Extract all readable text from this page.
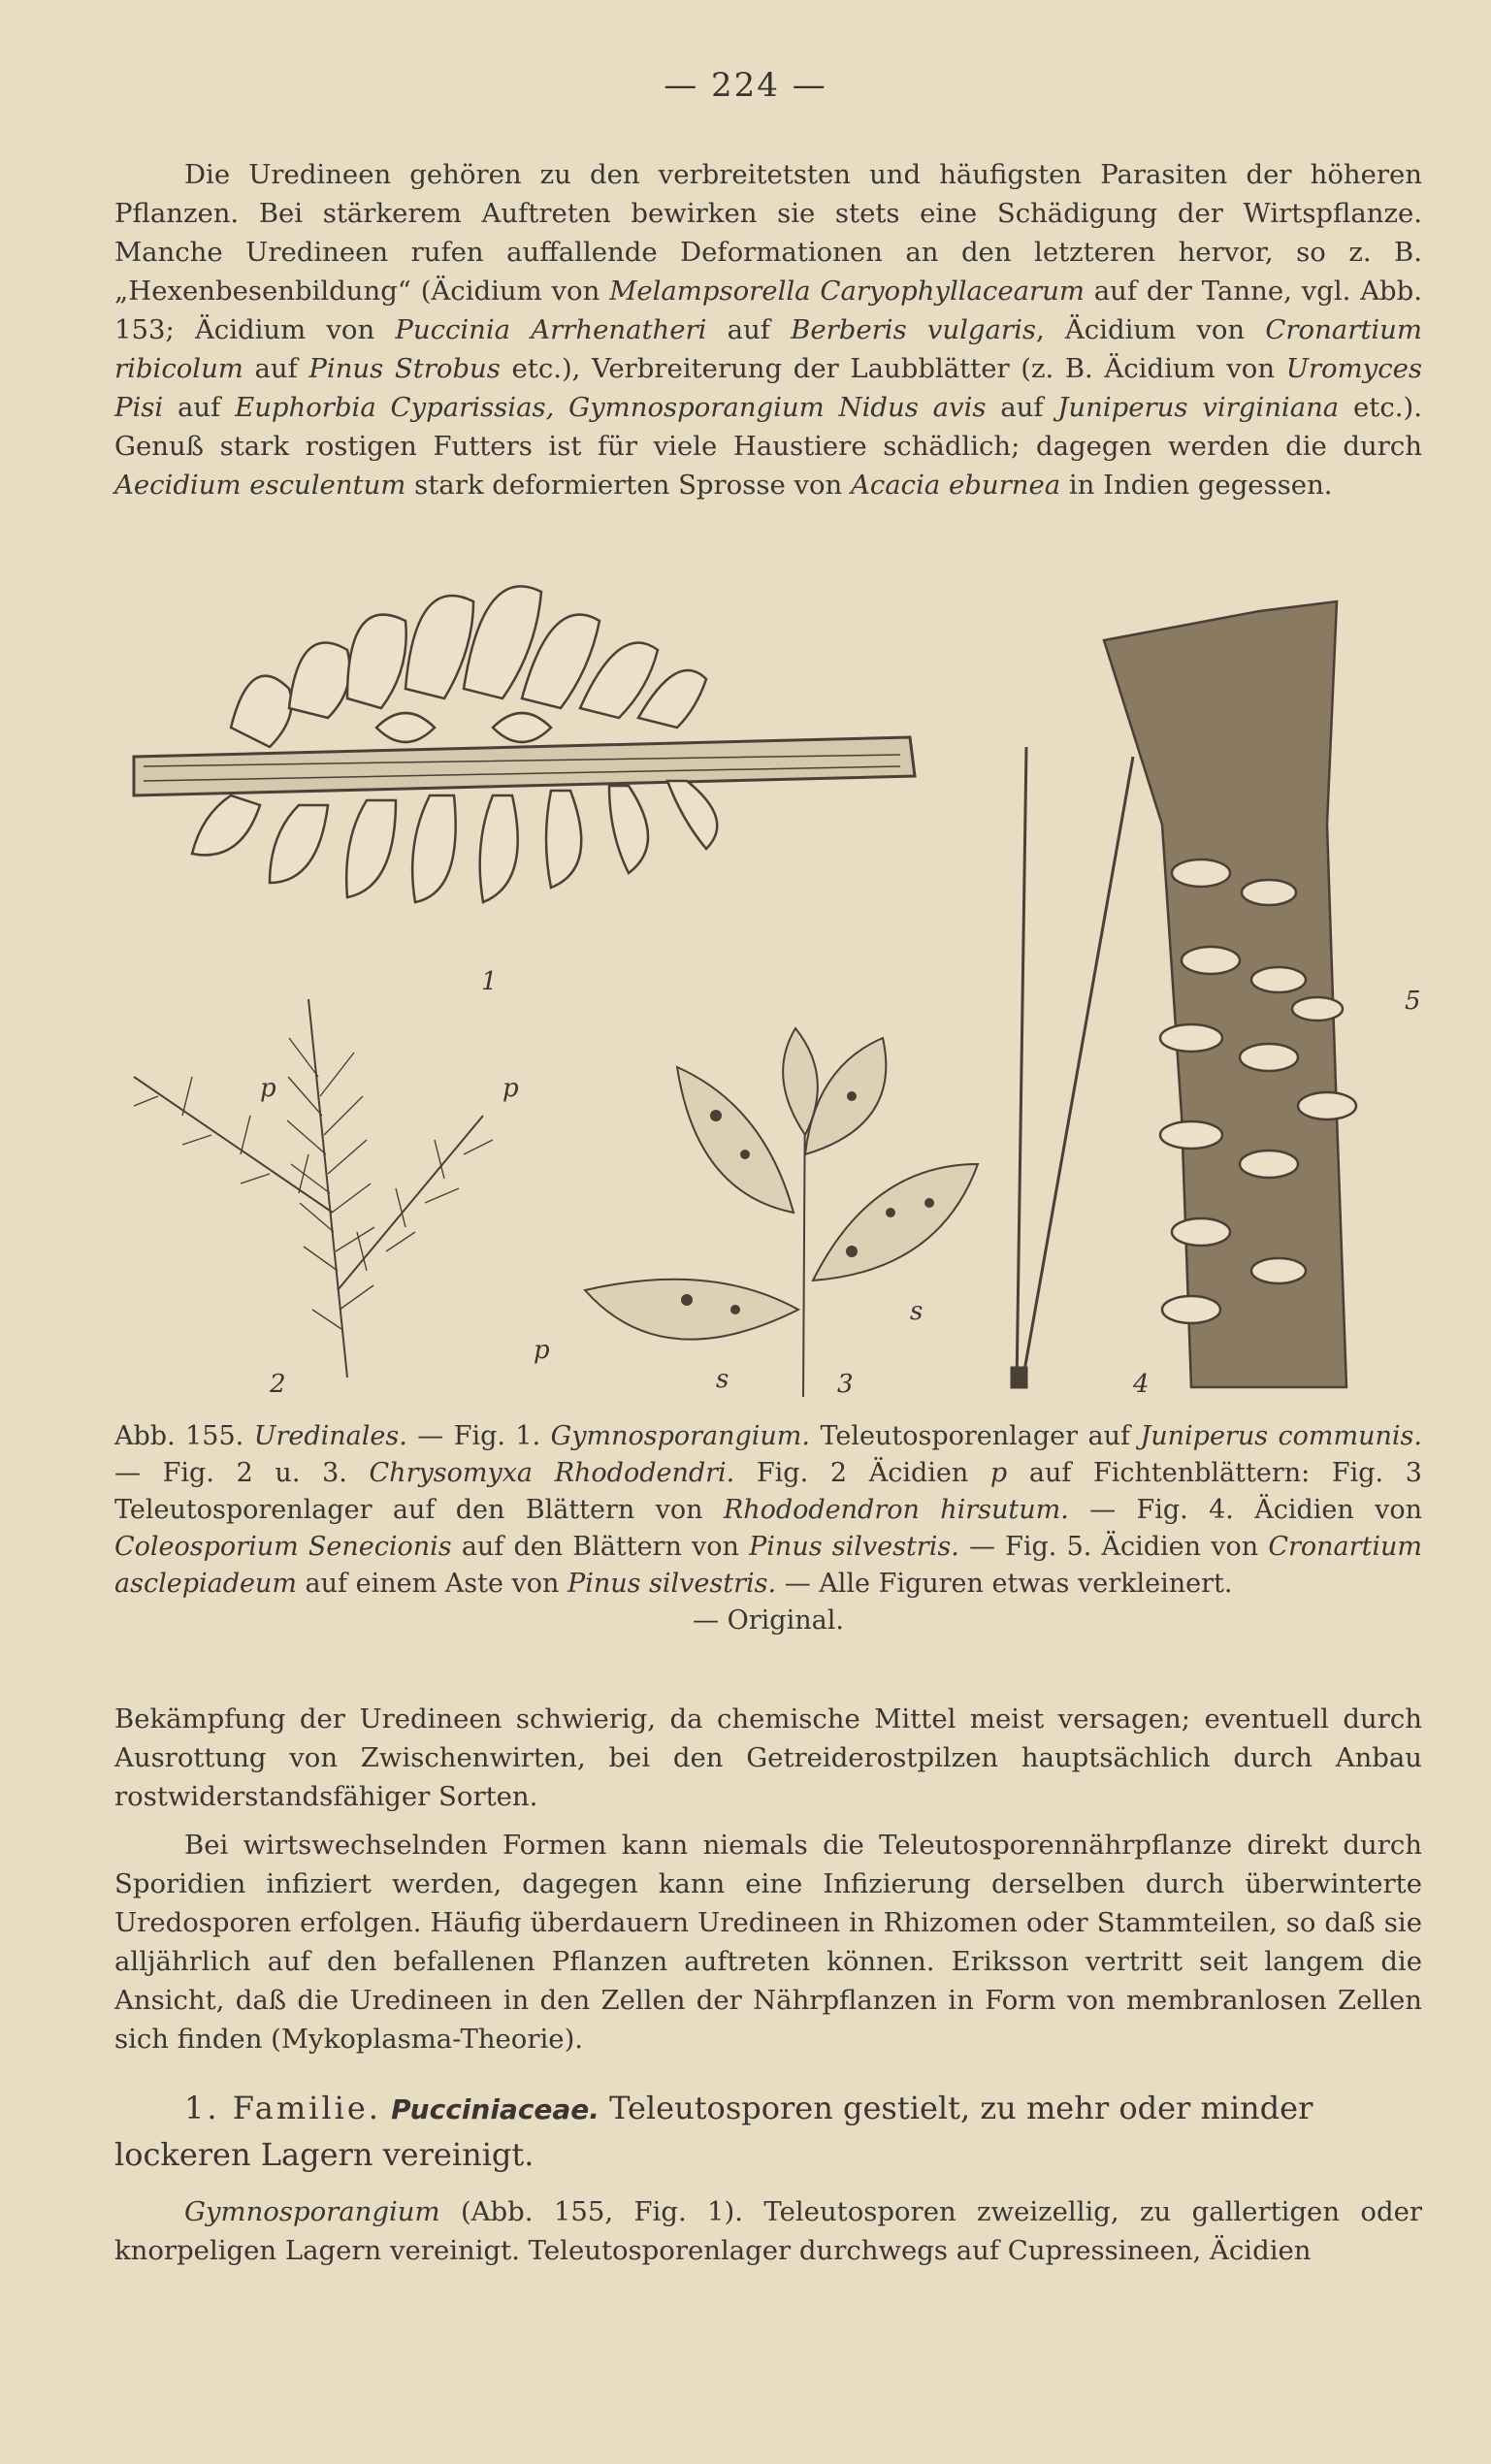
— 224 —
Die Uredineen gehören zu den verbreitetsten und häufigsten Parasiten der höheren Pflanzen. Bei stärkerem Auftreten bewirken sie stets eine Schädigung der Wirtspflanze. Manche Uredineen rufen auffallende Deformationen an den letzteren hervor, so z. B. „Hexenbesenbildung“ (Äcidium von Melampsorella Caryophyllacearum auf der Tanne, vgl. Abb. 153; Äcidium von Puccinia Arrhenatheri auf Berberis vulgaris, Äcidium von Cronartium ribicolum auf Pinus Strobus etc.), Verbreiterung der Laubblätter (z. B. Äcidium von Uromyces Pisi auf Euphorbia Cyparissias, Gymnosporangium Nidus avis auf Juniperus virginiana etc.). Genuß stark rostigen Futters ist für viele Haustiere schädlich; dagegen werden die durch Aecidium esculentum stark deformierten Sprosse von Acacia eburnea in Indien gegessen.
1
2
p	p
p
3
s
s
4
5
Abb. 155. Uredinales. — Fig. 1. Gymnosporangium. Teleutosporenlager auf Juniperus communis. — Fig. 2 u. 3. Chrysomyxa Rhododendri. Fig. 2 Äcidien p auf Fichtenblättern: Fig. 3 Teleutosporenlager auf den Blättern von Rhododendron hirsutum. — Fig. 4. Äcidien von Coleosporium Senecionis auf den Blättern von Pinus silvestris. — Fig. 5. Äcidien von Cronartium asclepiadeum auf einem Aste von Pinus silvestris. — Alle Figuren etwas verkleinert.
— Original.
Bekämpfung der Uredineen schwierig, da chemische Mittel meist versagen; eventuell durch Ausrottung von Zwischenwirten, bei den Getreiderostpilzen hauptsächlich durch Anbau rostwiderstandsfähiger Sorten.
Bei wirtswechselnden Formen kann niemals die Teleutosporennährpflanze direkt durch Sporidien infiziert werden, dagegen kann eine Infizierung derselben durch überwinterte Uredosporen erfolgen. Häufig überdauern Uredineen in Rhizomen oder Stammteilen, so daß sie alljährlich auf den befallenen Pflanzen auftreten können. Eriksson vertritt seit langem die Ansicht, daß die Uredineen in den Zellen der Nährpflanzen in Form von membranlosen Zellen sich finden (Mykoplasma-Theorie).
1. Familie. Pucciniaceae. Teleutosporen gestielt, zu mehr oder minder lockeren Lagern vereinigt.
Gymnosporangium (Abb. 155, Fig. 1). Teleutosporen zweizellig, zu gallertigen oder knorpeligen Lagern vereinigt. Teleutosporenlager durchwegs auf Cupressineen, Äcidien
